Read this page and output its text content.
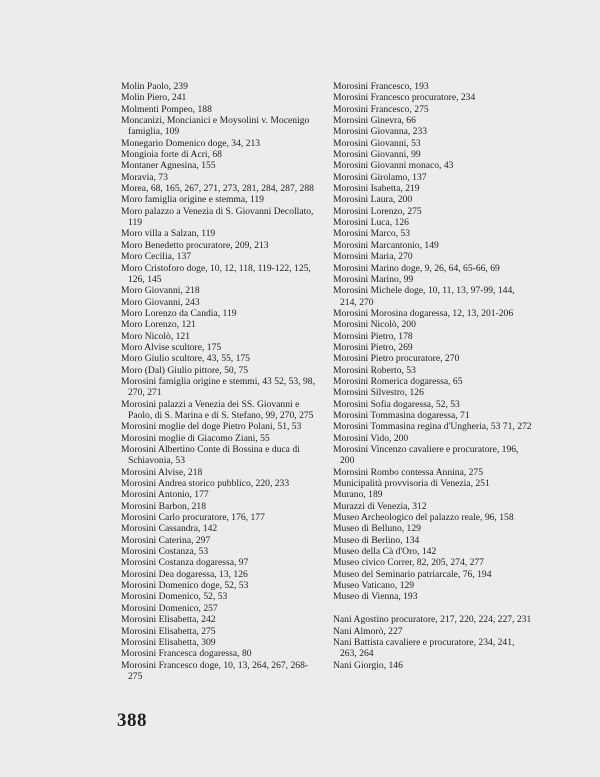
Molin Paolo, 239
Molin Piero, 241
Molmenti Pompeo, 188
Moncanizi, Moncianici e Moysolini v. Mocenigo famiglia, 109
Monegario Domenico doge, 34, 213
Mongioia forte di Acri, 68
Montaner Agnesina, 155
Moravia, 73
Morea, 68, 165, 267, 271, 273, 281, 284, 287, 288
Moro famiglia origine e stemma, 119
Moro palazzo a Venezia di S. Giovanni Decollato, 119
Moro villa a Salzan, 119
Moro Benedetto procuratore, 209, 213
Moro Cecilia, 137
Moro Cristoforo doge, 10, 12, 118, 119-122, 125, 126, 145
Moro Giovanni, 218
Moro Giovanni, 243
Moro Lorenzo da Candia, 119
Moro Lorenzo, 121
Moro Nicolò, 121
Moro Alvise scultore, 175
Moro Giulio scultore, 43, 55, 175
Moro (Dal) Giulio pittore, 50, 75
Morosini famiglia origine e stemmi, 43 52, 53, 98, 270, 271
Morosini palazzi a Venezia dei SS. Giovanni e Paolo, di S. Marina e di S. Stefano, 99, 270, 275
Morosini moglie del doge Pietro Polani, 51, 53
Morosini moglie di Giacomo Ziani, 55
Morosini Albertino Conte di Bossina e duca di Schiavonia, 53
Morosini Alvise, 218
Morosini Andrea storico pubblico, 220, 233
Morosini Antonio, 177
Morosini Barbon, 218
Morosini Carlo procuratore, 176, 177
Morosini Cassandra, 142
Morosini Caterina, 297
Morosini Costanza, 53
Morosini Costanza dogaressa, 97
Morosini Dea dogaressa, 13, 126
Morosini Domenico doge, 52, 53
Morosini Domenico, 52, 53
Morosini Domenico, 257
Morosini Elisabetta, 242
Morosini Elisabetta, 275
Morosini Elisabetta, 309
Morosini Francesca dogaressa, 80
Morosini Francesco doge, 10, 13, 264, 267, 268-275
Morosini Francesco, 193
Morosini Francesco procuratore, 234
Morosini Francesco, 275
Morosini Ginevra, 66
Morosini Giovanna, 233
Morosini Giovanni, 53
Morosini Giovanni, 99
Morosini Giovanni monaco, 43
Morosini Girolamo, 137
Morosini Isabetta, 219
Morosini Laura, 200
Morosini Lorenzo, 275
Morosini Luca, 126
Morosini Marco, 53
Morosini Marcantonio, 149
Morosini Maria, 270
Morosini Marino doge, 9, 26, 64, 65-66, 69
Morosini Marino, 99
Morosini Michele doge, 10, 11, 13, 97-99, 144, 214, 270
Morosini Morosina dogaressa, 12, 13, 201-206
Morosini Nicolò, 200
Morosini Pietro, 178
Morosini Pietro, 269
Morosini Pietro procuratore, 270
Morosini Roberto, 53
Morosini Romerica dogaressa, 65
Morosini Silvestro, 126
Morosini Sofia dogaressa, 52, 53
Morosini Tommasina dogaressa, 71
Morosini Tommasina regina d'Ungheria, 53 71, 272
Morosini Vido, 200
Morosini Vincenzo cavaliere e procuratore, 196, 200
Morosini Rombo contessa Annina, 275
Municipalità provvisoria di Venezia, 251
Murano, 189
Murazzi di Venezia, 312
Museo Archeologico del palazzo reale, 96, 158
Museo di Belluno, 129
Museo di Berlino, 134
Museo della Cà d'Oro, 142
Museo civico Correr, 82, 205, 274, 277
Museo del Seminario patriarcale, 76, 194
Museo Vaticano, 129
Museo di Vienna, 193
Nani Agostino procuratore, 217, 220, 224, 227, 231
Nani Almorò, 227
Nani Battista cavaliere e procuratore, 234, 241, 263, 264
Nani Giorgio, 146
388
